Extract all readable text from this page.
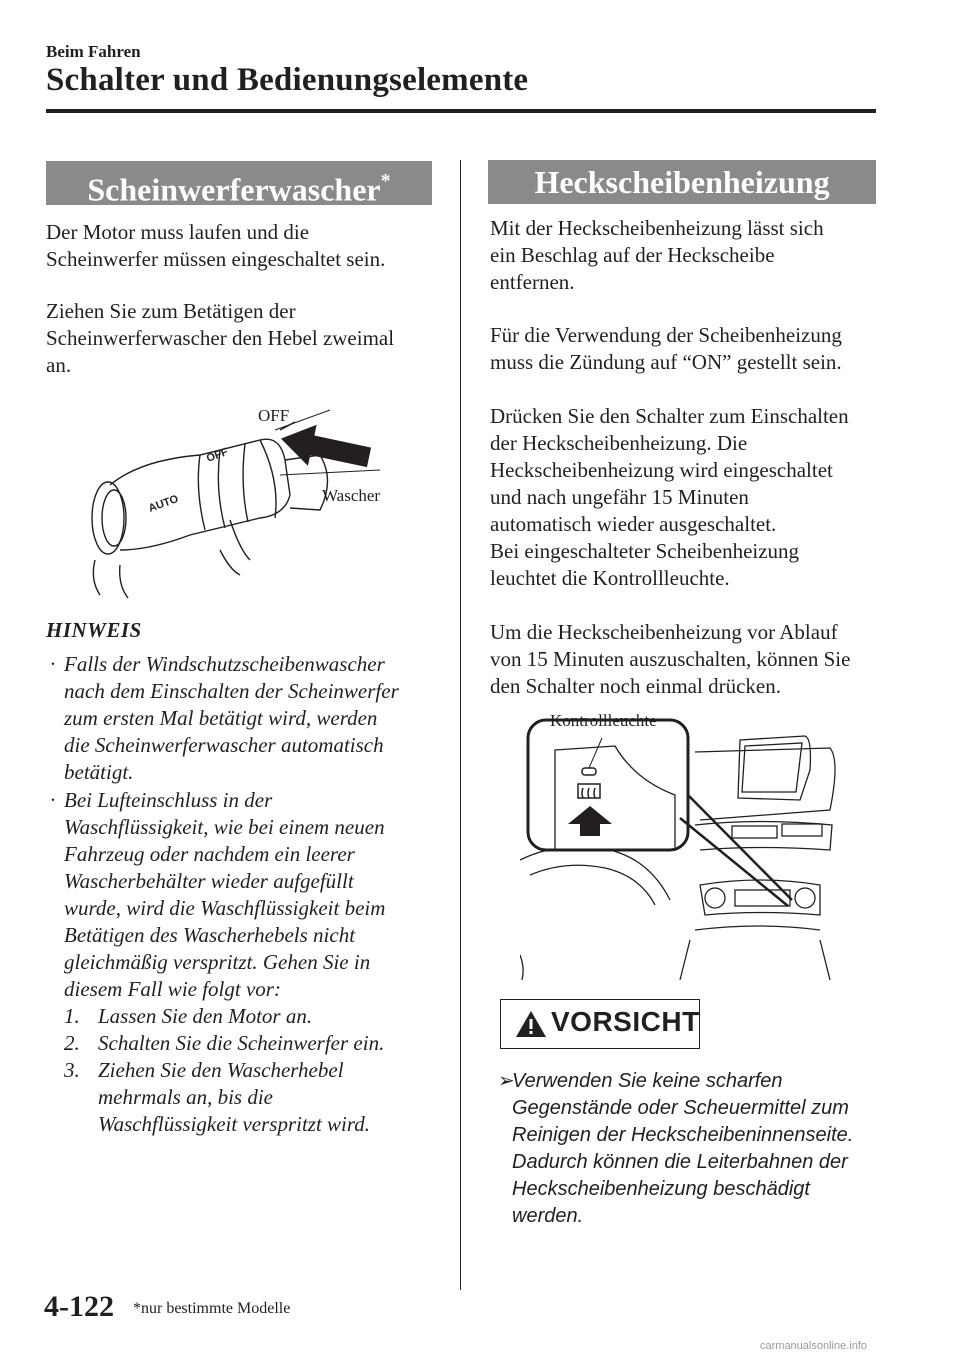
Beim Fahren
Schalter und Bedienungselemente
Scheinwerferwascher*
Der Motor muss laufen und die
Scheinwerfer müssen eingeschaltet sein.
Ziehen Sie zum Betätigen der
Scheinwerferwascher den Hebel zweimal
an.
OFF
AUTO
OFF
Wascher
HINWEIS
· Falls der Windschutzscheibenwascher
nach dem Einschalten der Scheinwerfer
zum ersten Mal betätigt wird, werden
die Scheinwerferwascher automatisch
betätigt.
· Bei Lufteinschluss in der
Waschflüssigkeit, wie bei einem neuen
Fahrzeug oder nachdem ein leerer
Wascherbehälter wieder aufgefüllt
wurde, wird die Waschflüssigkeit beim
Betätigen des Wascherhebels nicht
gleichmäßig verspritzt. Gehen Sie in
diesem Fall wie folgt vor:
1. Lassen Sie den Motor an.
2. Schalten Sie die Scheinwerfer ein.
3. Ziehen Sie den Wascherhebel
mehrmals an, bis die
Waschflüssigkeit verspritzt wird.
Heckscheibenheizung
Mit der Heckscheibenheizung lässt sich
ein Beschlag auf der Heckscheibe
entfernen.
Für die Verwendung der Scheibenheizung
muss die Zündung auf “ON” gestellt sein.
Drücken Sie den Schalter zum Einschalten
der Heckscheibenheizung. Die
Heckscheibenheizung wird eingeschaltet
und nach ungefähr 15 Minuten
automatisch wieder ausgeschaltet.
Bei eingeschalteter Scheibenheizung
leuchtet die Kontrollleuchte.
Um die Heckscheibenheizung vor Ablauf
von 15 Minuten auszuschalten, können Sie
den Schalter noch einmal drücken.
Kontrollleuchte
VORSICHT
➢
Verwenden Sie keine scharfen
Gegenstände oder Scheuermittel zum
Reinigen der Heckscheibeninnenseite.
Dadurch können die Leiterbahnen der
Heckscheibenheizung beschädigt
werden.
4-122 *nur bestimmte Modelle
carmanualsonline.info
